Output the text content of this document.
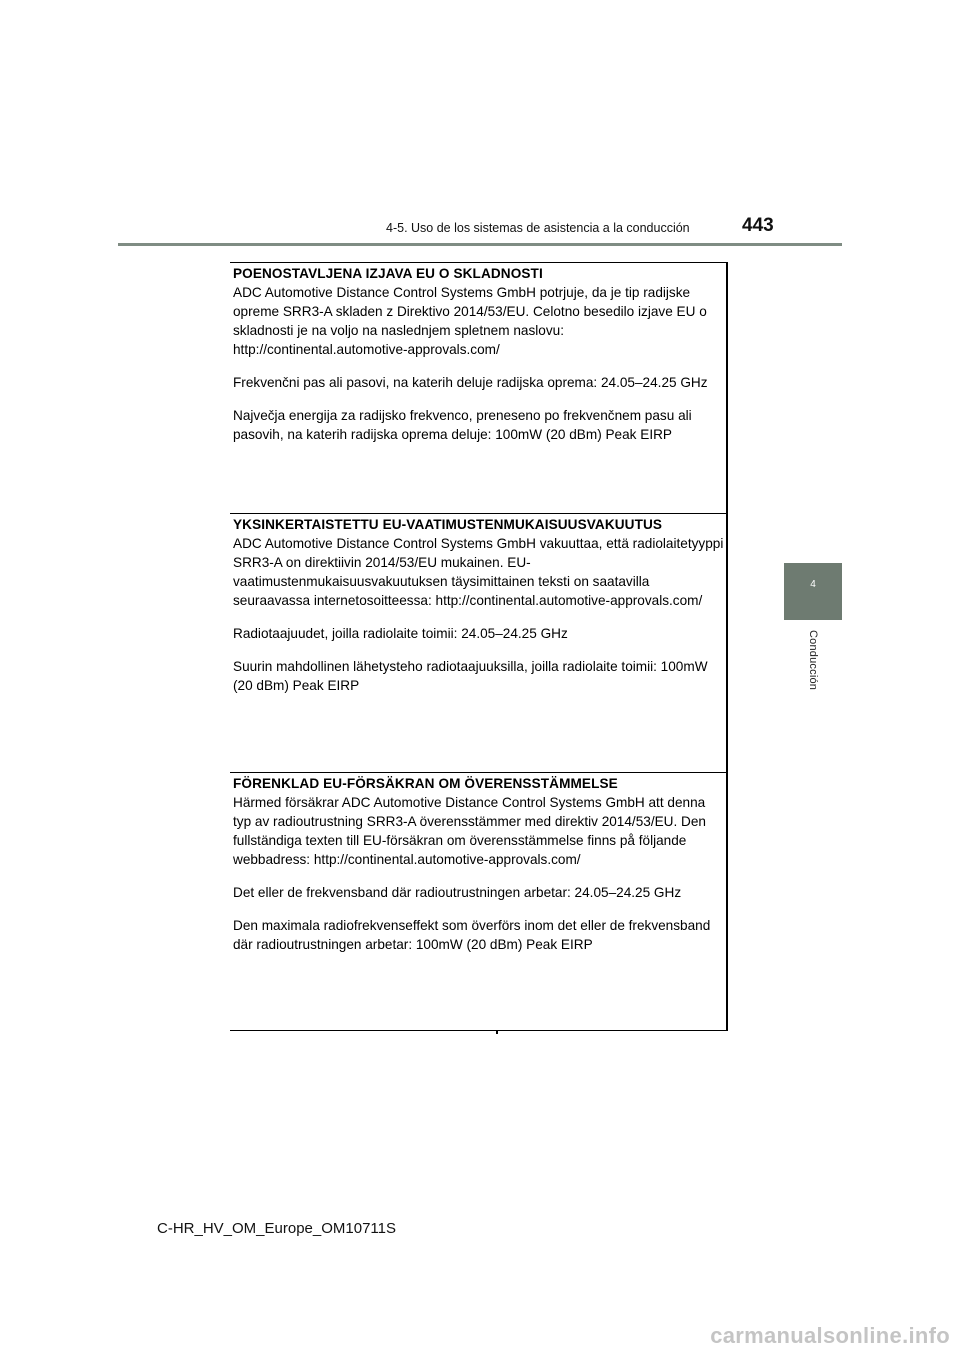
4-5. Uso de los sistemas de asistencia a la conducción	443
4
Conducción
POENOSTAVLJENA IZJAVA EU O SKLADNOSTI

ADC Automotive Distance Control Systems GmbH potrjuje, da je tip radijske opreme SRR3-A skladen z Direktivo 2014/53/EU. Celotno besedilo izjave EU o skladnosti je na voljo na naslednjem spletnem naslovu: http://continental.automotive-approvals.com/

Frekvenčni pas ali pasovi, na katerih deluje radijska oprema: 24.05–24.25 GHz

Največja energija za radijsko frekvenco, preneseno po frekvenčnem pasu ali pasovih, na katerih radijska oprema deluje: 100mW (20 dBm) Peak EIRP

YKSINKERTAISTETTU EU-VAATIMUSTENMUKAISUUSVAKUUTUS

ADC Automotive Distance Control Systems GmbH vakuuttaa, että radiolaitetyyppi SRR3-A on direktiivin 2014/53/EU mukainen. EU-vaatimustenmukaisuusvakuutuksen täysimittainen teksti on saatavilla seuraavassa internetosoitteessa: http://continental.automotive-approvals.com/

Radiotaajuudet, joilla radiolaite toimii: 24.05–24.25 GHz

Suurin mahdollinen lähetysteho radiotaajuuksilla, joilla radiolaite toimii: 100mW (20 dBm) Peak EIRP

FÖRENKLAD EU-FÖRSÄKRAN OM ÖVERENSSTÄMMELSE

Härmed försäkrar ADC Automotive Distance Control Systems GmbH att denna typ av radioutrustning SRR3-A överensstämmer med direktiv 2014/53/EU. Den fullständiga texten till EU-försäkran om överensstämmelse finns på följande webbadress: http://continental.automotive-approvals.com/

Det eller de frekvensband där radioutrustningen arbetar: 24.05–24.25 GHz

Den maximala radiofrekvenseffekt som överförs inom det eller de frekvensband där radioutrustningen arbetar: 100mW (20 dBm) Peak EIRP

C-HR_HV_OM_Europe_OM10711S
carmanualsonline.info
